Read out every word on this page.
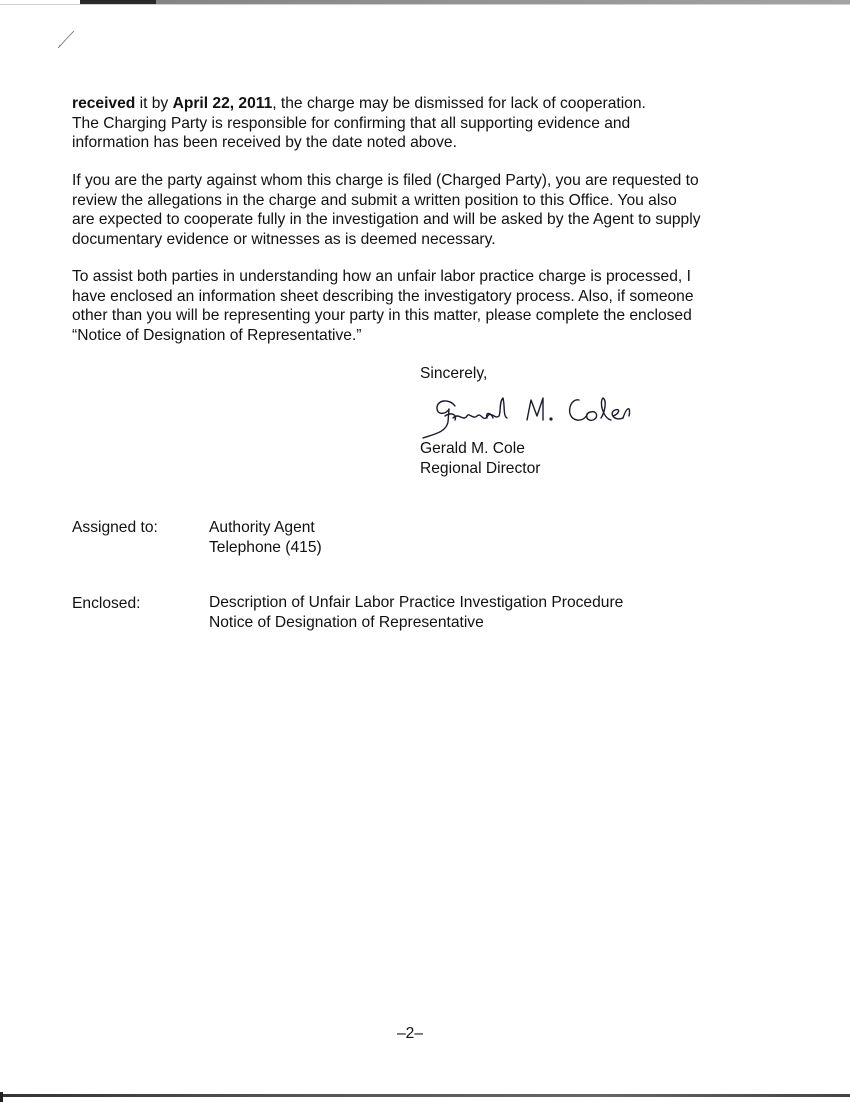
received it by April 22, 2011, the charge may be dismissed for lack of cooperation.
The Charging Party is responsible for confirming that all supporting evidence and
information has been received by the date noted above.

If you are the party against whom this charge is filed (Charged Party), you are requested to
review the allegations in the charge and submit a written position to this Office. You also
are expected to cooperate fully in the investigation and will be asked by the Agent to supply
documentary evidence or witnesses as is deemed necessary.

To assist both parties in understanding how an unfair labor practice charge is processed, I
have enclosed an information sheet describing the investigatory process. Also, if someone
other than you will be representing your party in this matter, please complete the enclosed
“Notice of Designation of Representative.”

Sincerely,
Gerald M. Cole
Regional Director
Assigned to:	Authority Agent
Telephone (415)
Enclosed:	Description of Unfair Labor Practice Investigation Procedure
Notice of Designation of Representative
–2–
